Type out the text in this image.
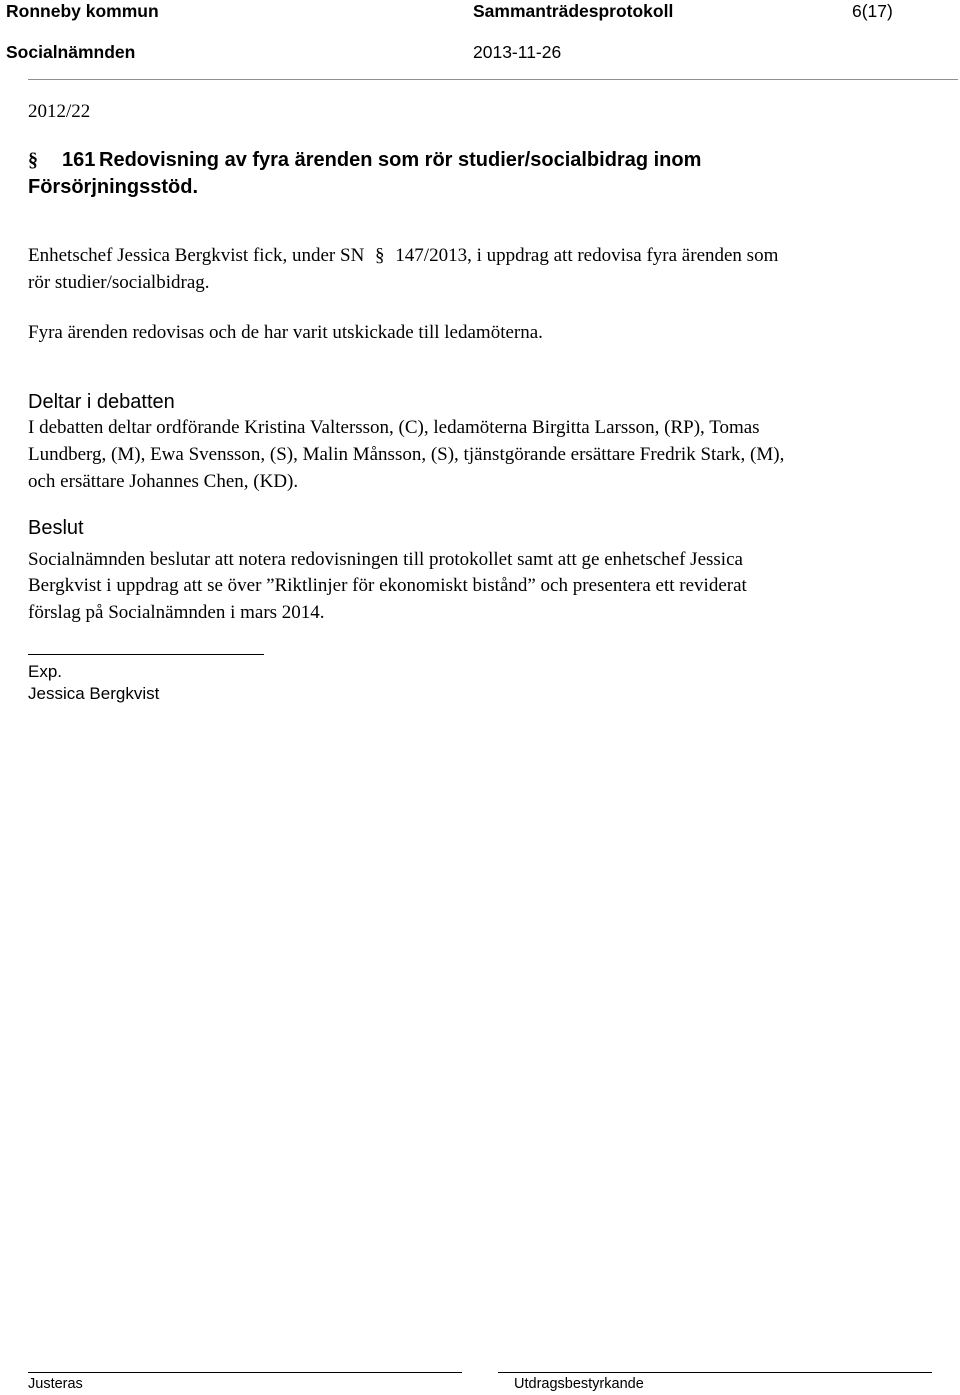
Ronneby kommun	Sammanträdesprotokoll	6(17)
Socialnämnden	2013-11-26
2012/22
§ 161 Redovisning av fyra ärenden som rör studier/socialbidrag inom
Försörjningsstöd.
Enhetschef Jessica Bergkvist fick, under SN § 147/2013, i uppdrag att redovisa fyra ärenden som
rör studier/socialbidrag.
Fyra ärenden redovisas och de har varit utskickade till ledamöterna.
Deltar i debatten
I debatten deltar ordförande Kristina Valtersson, (C), ledamöterna Birgitta Larsson, (RP), Tomas
Lundberg, (M), Ewa Svensson, (S), Malin Månsson, (S), tjänstgörande ersättare Fredrik Stark, (M),
och ersättare Johannes Chen, (KD).
Beslut
Socialnämnden beslutar att notera redovisningen till protokollet samt att ge enhetschef Jessica
Bergkvist i uppdrag att se över ”Riktlinjer för ekonomiskt bistånd” och presentera ett reviderat
förslag på Socialnämnden i mars 2014.
Exp.
Jessica Bergkvist
Justeras	Utdragsbestyrkande
